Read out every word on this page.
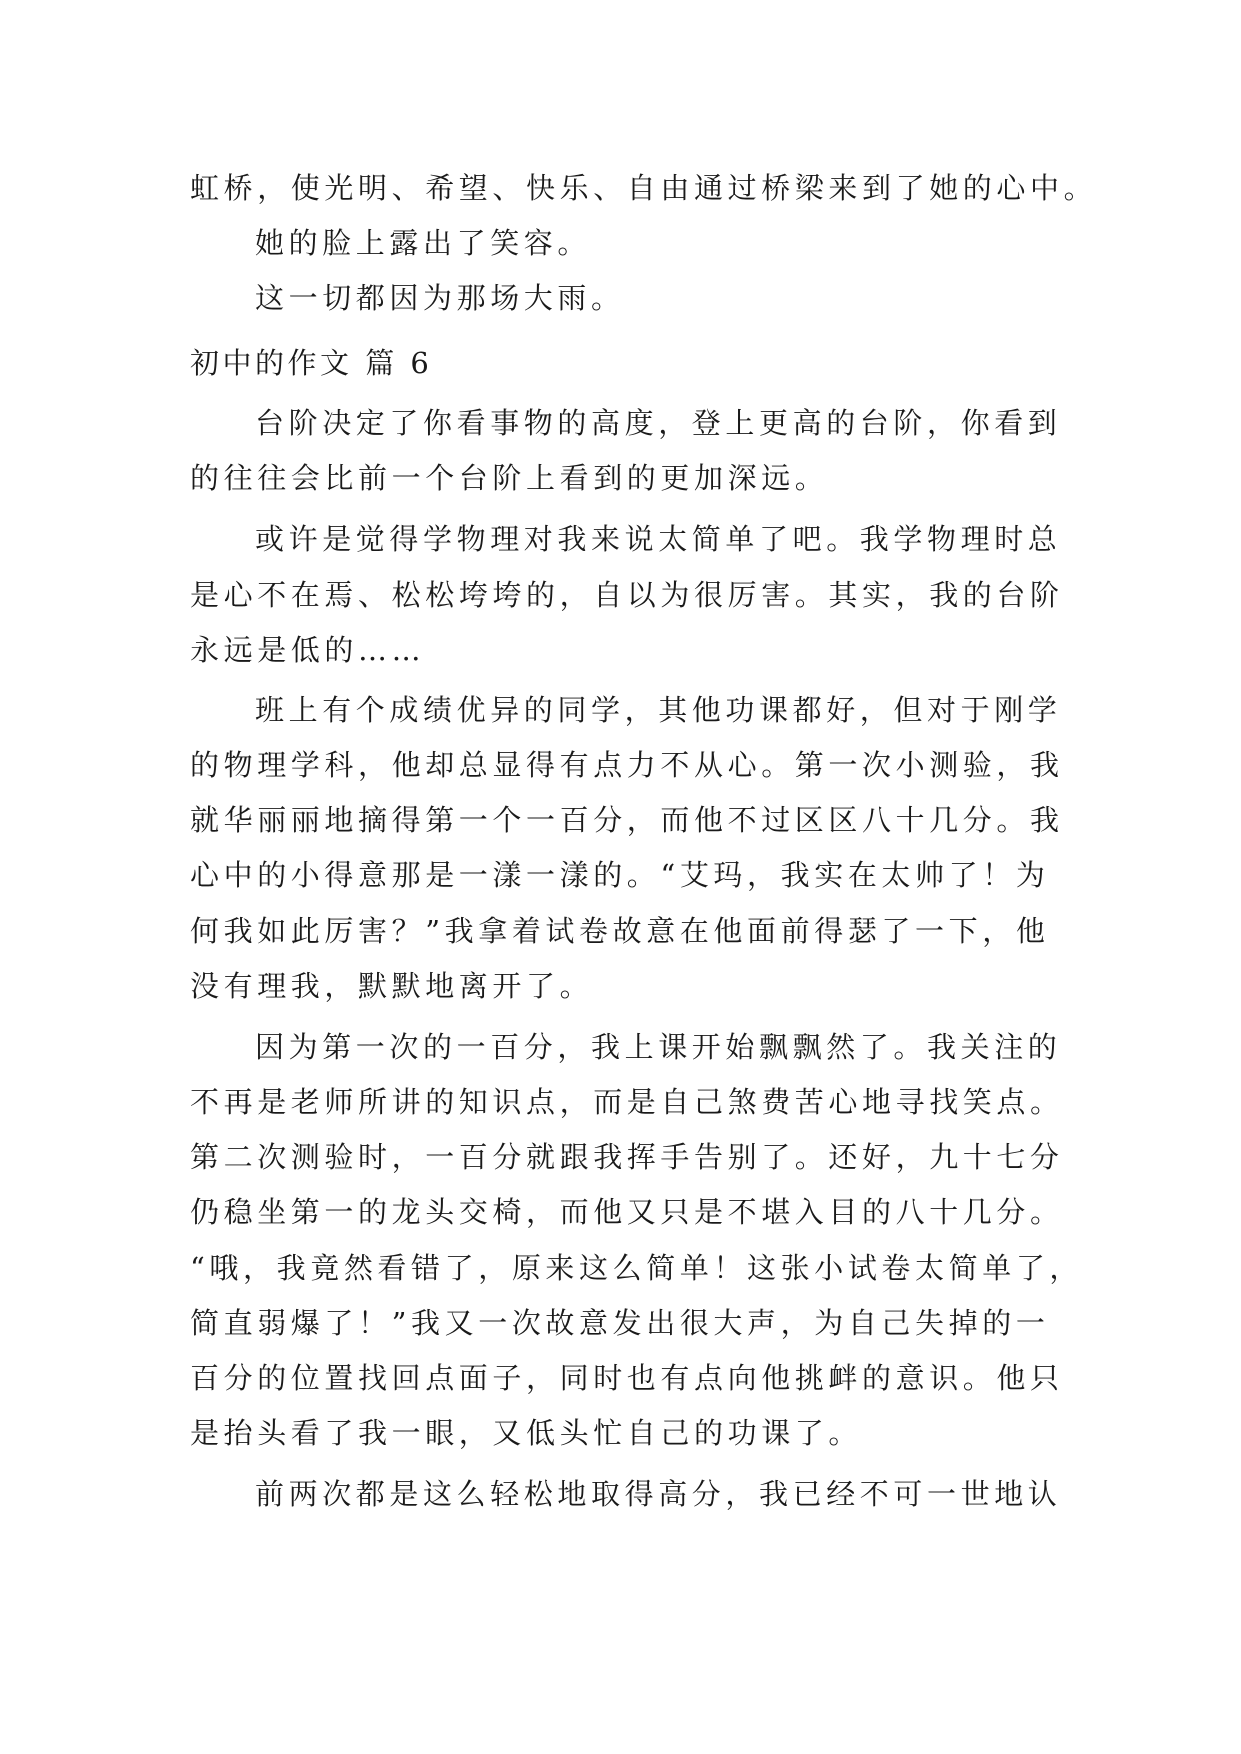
虹桥，使光明、希望、快乐、自由通过桥梁来到了她的心中。

她的脸上露出了笑容。

这一切都因为那场大雨。

初中的作文 篇 6

台阶决定了你看事物的高度，登上更高的台阶，你看到

的往往会比前一个台阶上看到的更加深远。

或许是觉得学物理对我来说太简单了吧。我学物理时总

是心不在焉、松松垮垮的，自以为很厉害。其实，我的台阶

永远是低的……

班上有个成绩优异的同学，其他功课都好，但对于刚学

的物理学科，他却总显得有点力不从心。第一次小测验，我

就华丽丽地摘得第一个一百分，而他不过区区八十几分。我

心中的小得意那是一漾一漾的。“艾玛，我实在太帅了！为

何我如此厉害？”我拿着试卷故意在他面前得瑟了一下，他

没有理我，默默地离开了。

因为第一次的一百分，我上课开始飘飘然了。我关注的

不再是老师所讲的知识点，而是自己煞费苦心地寻找笑点。

第二次测验时，一百分就跟我挥手告别了。还好，九十七分

仍稳坐第一的龙头交椅，而他又只是不堪入目的八十几分。

“哦，我竟然看错了，原来这么简单！这张小试卷太简单了，

简直弱爆了！”我又一次故意发出很大声，为自己失掉的一

百分的位置找回点面子，同时也有点向他挑衅的意识。他只

是抬头看了我一眼，又低头忙自己的功课了。

前两次都是这么轻松地取得高分，我已经不可一世地认
